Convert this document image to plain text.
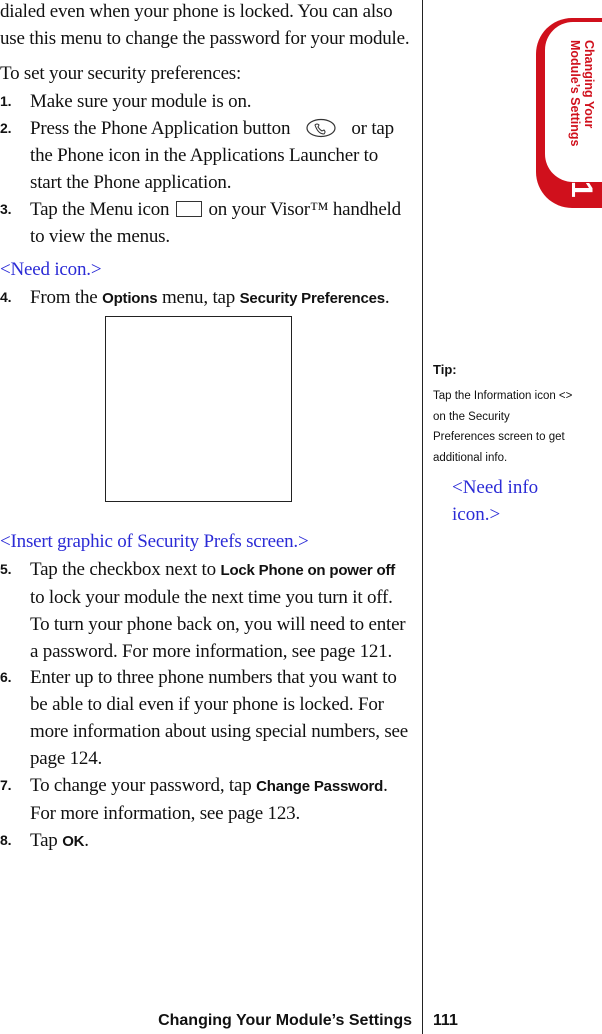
dialed even when your phone is locked. You can also use this menu to change the password for your module.
To set your security preferences:
1. Make sure your module is on.
2. Press the Phone Application button	or tap the Phone icon in the Applications Launcher to start the Phone application.
3. Tap the Menu icon on your Visor™ handheld to view the menus.
<Need icon.>
4. From the Options menu, tap Security Preferences.
<Insert graphic of Security Prefs screen.>
5. Tap the checkbox next to Lock Phone on power off to lock your module the next time you turn it off. To turn your phone back on, you will need to enter a password. For more information, see page 121.
6. Enter up to three phone numbers that you want to be able to dial even if your phone is locked. For more information about using special numbers, see page 124.
7. To change your password, tap Change Password. For more information, see page 123.
8. Tap OK.
Changing Your
Module’s Settings
11
Tip:
Tap the Information icon <> on the Security Preferences screen to get additional info.
<Need info icon.>
Changing Your Module’s Settings 111
